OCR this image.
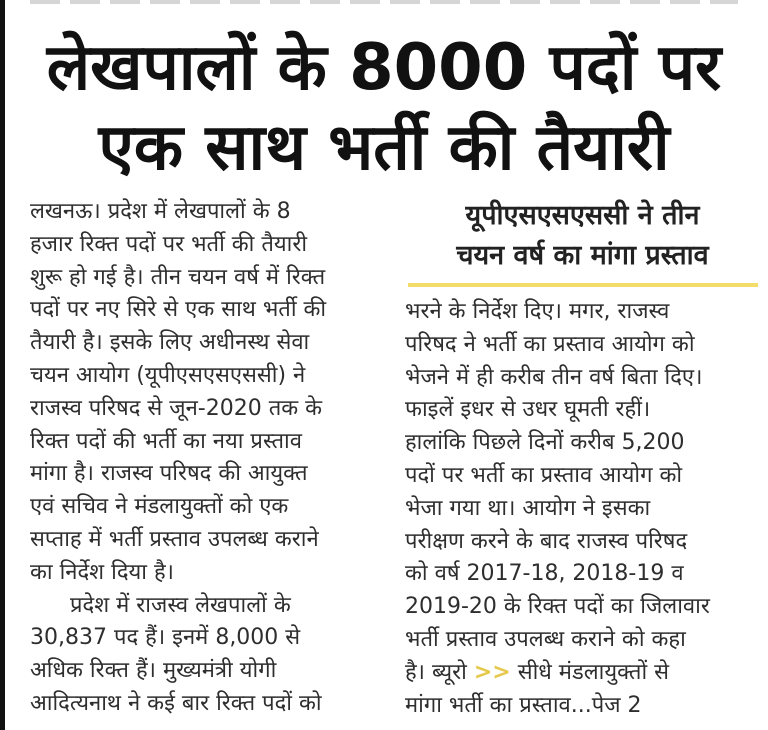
लेखपालों के 8000 पदों पर
एक साथ भर्ती की तैयारी
लखनऊ। प्रदेश में लेखपालों के 8
हजार रिक्त पदों पर भर्ती की तैयारी
शुरू हो गई है। तीन चयन वर्ष में रिक्त
पदों पर नए सिरे से एक साथ भर्ती की
तैयारी है। इसके लिए अधीनस्थ सेवा
चयन आयोग (यूपीएसएसएससी) ने
राजस्व परिषद से जून-2020 तक के
रिक्त पदों की भर्ती का नया प्रस्ताव
मांगा है। राजस्व परिषद की आयुक्त
एवं सचिव ने मंडलायुक्तों को एक
सप्ताह में भर्ती प्रस्ताव उपलब्ध कराने
का निर्देश दिया है।
प्रदेश में राजस्व लेखपालों के
30,837 पद हैं। इनमें 8,000 से
अधिक रिक्त हैं। मुख्यमंत्री योगी
आदित्यनाथ ने कई बार रिक्त पदों को
यूपीएसएसएससी ने तीन
चयन वर्ष का मांगा प्रस्ताव
भरने के निर्देश दिए। मगर, राजस्व
परिषद ने भर्ती का प्रस्ताव आयोग को
भेजने में ही करीब तीन वर्ष बिता दिए।
फाइलें इधर से उधर घूमती रहीं।
हालांकि पिछले दिनों करीब 5,200
पदों पर भर्ती का प्रस्ताव आयोग को
भेजा गया था। आयोग ने इसका
परीक्षण करने के बाद राजस्व परिषद
को वर्ष 2017-18, 2018-19 व
2019-20 के रिक्त पदों का जिलावार
भर्ती प्रस्ताव उपलब्ध कराने को कहा
है। ब्यूरो >> सीधे मंडलायुक्तों से
मांगा भर्ती का प्रस्ताव...पेज 2
